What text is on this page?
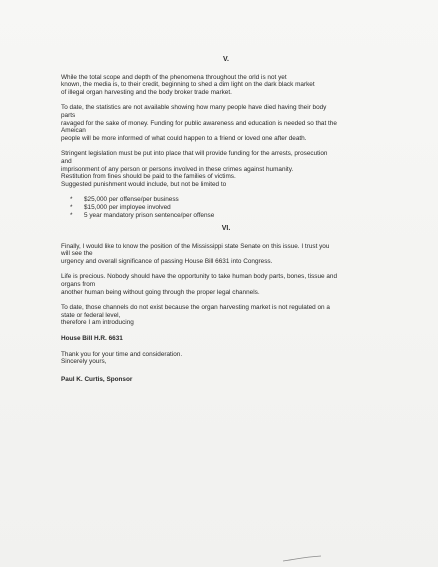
V.

While the total scope and depth of the phenomena throughout the orld is not yet
known, the media is, to their credit, beginning to shed a dim light on the dark black market
of illegal organ harvesting and the body broker trade market.

To date, the statistics are not available showing how many people have died having their body
parts
ravaged for the sake of money. Funding for public awareness and education is needed so that the
Ameican
people will be more informed of what could happen to a friend or loved one after death.

Stringent legislation must be put into place that will provide funding for the arrests, prosecution
and
imprisonment of any person or persons involved in these crimes against humanity.
Restitution from fines should be paid to the families of victims.
Suggested punishment would include, but not be limited to

*	$25,000 per offense/per business
*	$15,000 per imployee involved
*	5 year mandatory prison sentence/per offense
VI.

Finally, I would like to know the position of the Mississippi state Senate on this issue. I trust you
will see the
urgency and overall significance of passing House Bill 6631 into Congress.

Life is precious. Nobody should have the opportunity to take human body parts, bones, tissue and
organs from
another human being without going through the proper legal channels.

To date, those channels do not exist because the organ harvesting market is not regulated on a
state or federal level,
therefore I am introducing

House Bill H.R. 6631

Thank you for your time and consideration.
Sincerely yours,

Paul K. Curtis, Sponsor
